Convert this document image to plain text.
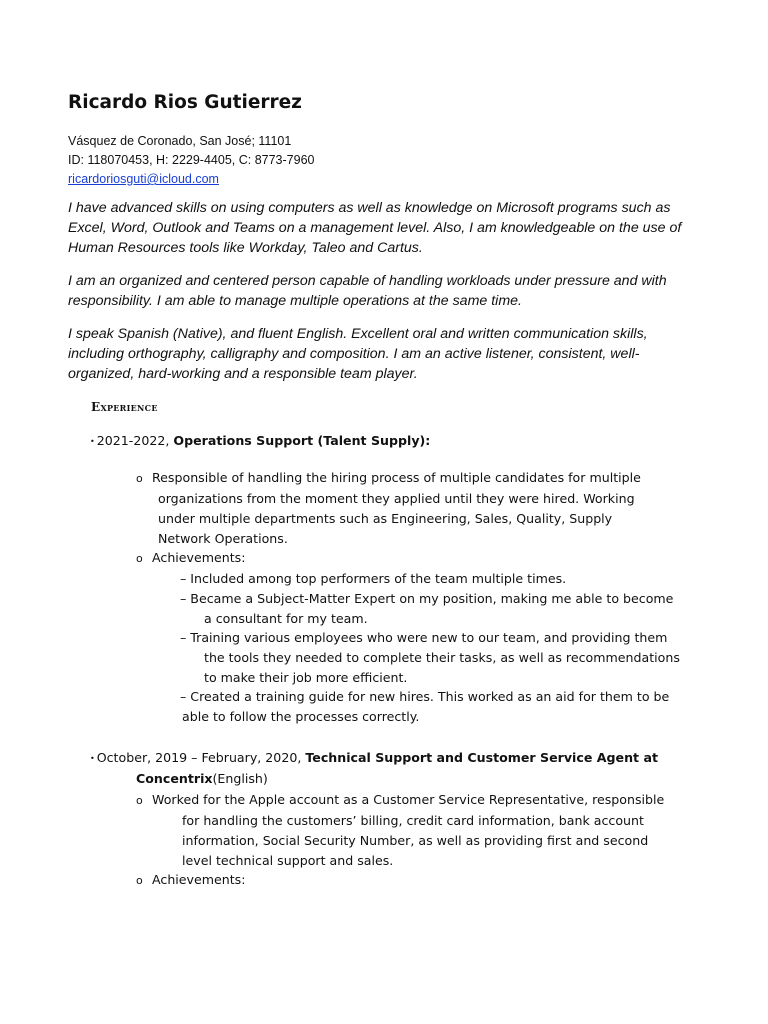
Ricardo Rios Gutierrez
Vásquez de Coronado, San José; 11101
ID: 118070453, H: 2229-4405, C: 8773-7960
ricardoriosguti@icloud.com

I have advanced skills on using computers as well as knowledge on Microsoft programs such as
Excel, Word, Outlook and Teams on a management level. Also, I am knowledgeable on the use of
Human Resources tools like Workday, Taleo and Cartus.

I am an organized and centered person capable of handling workloads under pressure and with
responsibility. I am able to manage multiple operations at the same time.

I speak Spanish (Native), and fluent English. Excellent oral and written communication skills,
including orthography, calligraphy and composition. I am an active listener, consistent, well-
organized, hard-working and a responsible team player.

Experience
• 2021-2022, Operations Support (Talent Supply):
o Responsible of handling the hiring process of multiple candidates for multiple
organizations from the moment they applied until they were hired. Working
under multiple departments such as Engineering, Sales, Quality, Supply
Network Operations.
o Achievements:
– Included among top performers of the team multiple times.
– Became a Subject-Matter Expert on my position, making me able to become
a consultant for my team.
– Training various employees who were new to our team, and providing them
the tools they needed to complete their tasks, as well as recommendations
to make their job more efficient.
– Created a training guide for new hires. This worked as an aid for them to be
able to follow the processes correctly.
• October, 2019 – February, 2020, Technical Support and Customer Service Agent at
Concentrix(English)
o Worked for the Apple account as a Customer Service Representative, responsible
for handling the customers’ billing, credit card information, bank account
information, Social Security Number, as well as providing first and second
level technical support and sales.
o Achievements:
